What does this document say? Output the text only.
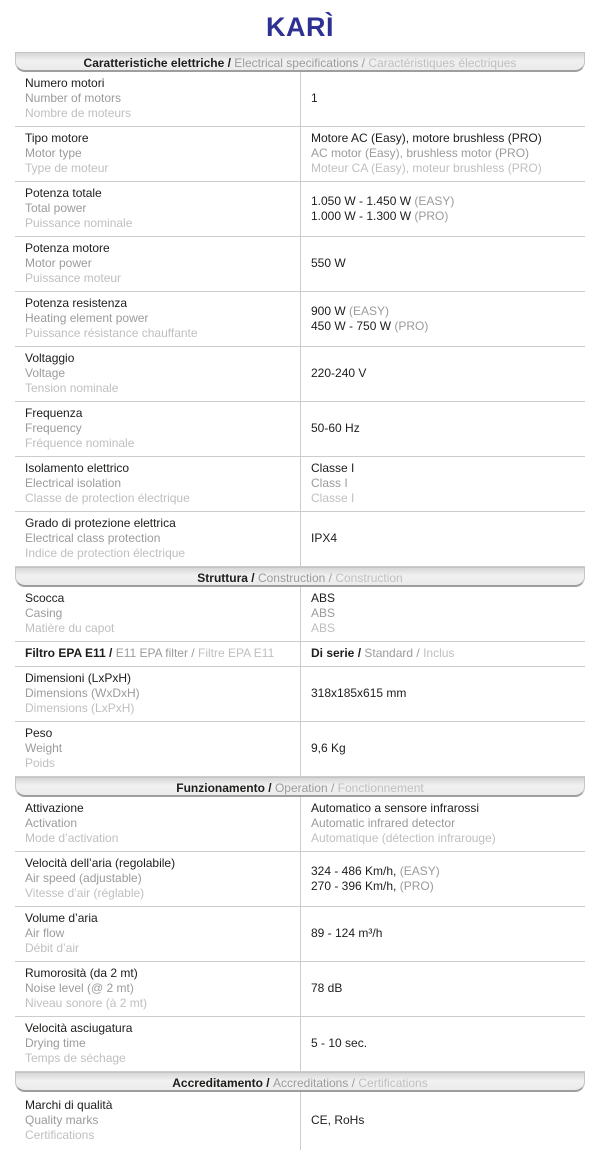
KARÌ
Caratteristiche elettriche / Electrical specifications / Caractéristiques électriques
Numero motori
Number of motors
Nombre de moteurs
1
Tipo motore
Motor type
Type de moteur
Motore AC (Easy), motore brushless (PRO)
AC motor (Easy), brushless motor (PRO)
Moteur CA (Easy), moteur brushless (PRO)
Potenza totale
Total power
Puissance nominale
1.050 W - 1.450 W (EASY)
1.000 W - 1.300 W (PRO)
Potenza motore
Motor power
Puissance moteur
550 W
Potenza resistenza
Heating element power
Puissance résistance chauffante
900 W (EASY)
450 W - 750 W (PRO)
Voltaggio
Voltage
Tension nominale
220-240 V
Frequenza
Frequency
Fréquence nominale
50-60 Hz
Isolamento elettrico
Electrical isolation
Classe de protection électrique
Classe I
Class I
Classe I
Grado di protezione elettrica
Electrical class protection
Indice de protection électrique
IPX4
Struttura / Construction / Construction
Scocca
Casing
Matière du capot
ABS
ABS
ABS
Filtro EPA E11 / E11 EPA filter / Filtre EPA E11	Di serie / Standard / Inclus
Dimensioni (LxPxH)
Dimensions (WxDxH)
Dimensions (LxPxH)
318x185x615 mm
Peso
Weight
Poids
9,6 Kg
Funzionamento / Operation / Fonctionnement
Attivazione
Activation
Mode d’activation
Automatico a sensore infrarossi
Automatic infrared detector
Automatique (détection infrarouge)
Velocità dell’aria (regolabile)
Air speed (adjustable)
Vitesse d’air (réglable)
324 - 486 Km/h, (EASY)
270 - 396 Km/h, (PRO)
Volume d’aria
Air flow
Débit d’air
89 - 124 m³/h
Rumorosità (da 2 mt)
Noise level (@ 2 mt)
Niveau sonore (à 2 mt)
78 dB
Velocità asciugatura
Drying time
Temps de séchage
5 - 10 sec.
Accreditamento / Accreditations / Certifications
Marchi di qualità
Quality marks
Certifications
CE, RoHs
